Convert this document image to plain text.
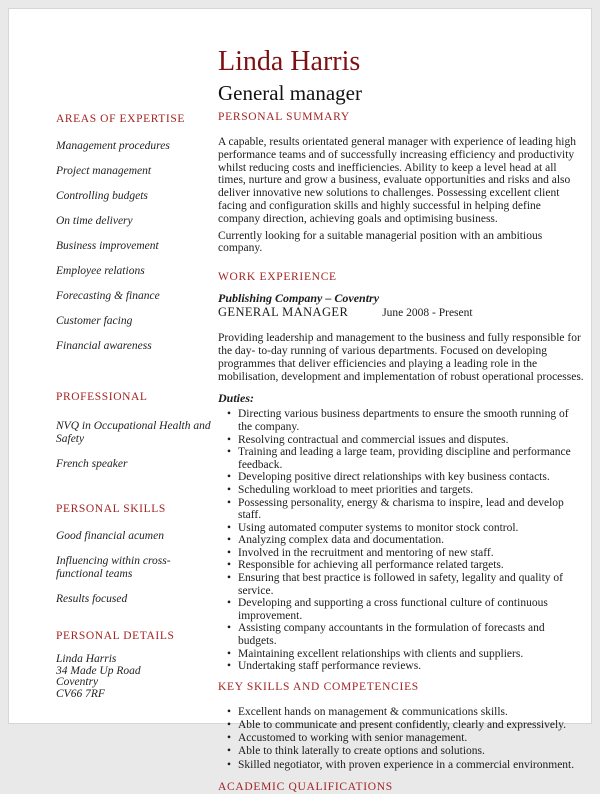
AREAS OF EXPERTISE
Management procedures
Project management
Controlling budgets
On time delivery
Business improvement
Employee relations
Forecasting & finance
Customer facing
Financial awareness
PROFESSIONAL
NVQ in Occupational Health and Safety
French speaker
PERSONAL SKILLS
Good financial acumen
Influencing within cross-functional teams
Results focused
PERSONAL DETAILS
Linda Harris
34 Made Up Road
Coventry
CV66 7RF
Linda Harris
General manager
PERSONAL SUMMARY

A capable, results orientated general manager with experience of leading high performance teams and of successfully increasing efficiency and productivity whilst reducing costs and inefficiencies. Ability to keep a level head at all times, nurture and grow a business, evaluate opportunities and risks and also deliver innovative new solutions to challenges. Possessing excellent client facing and configuration skills and highly successful in helping define company direction, achieving goals and optimising business.

Currently looking for a suitable managerial position with an ambitious company.

WORK EXPERIENCE
Publishing Company – Coventry
GENERAL MANAGER	June 2008 - Present

Providing leadership and management to the business and fully responsible for the day- to-day running of various departments. Focused on developing programmes that deliver efficiencies and playing a leading role in the mobilisation, development and implementation of robust operational processes.

Duties:
• Directing various business departments to ensure the smooth running of the company.
• Resolving contractual and commercial issues and disputes.
• Training and leading a large team, providing discipline and performance feedback.
• Developing positive direct relationships with key business contacts.
• Scheduling workload to meet priorities and targets.
• Possessing personality, energy & charisma to inspire, lead and develop staff.
• Using automated computer systems to monitor stock control.
• Analyzing complex data and documentation.
• Involved in the recruitment and mentoring of new staff.
• Responsible for achieving all performance related targets.
• Ensuring that best practice is followed in safety, legality and quality of service.
• Developing and supporting a cross functional culture of continuous improvement.
• Assisting company accountants in the formulation of forecasts and budgets.
• Maintaining excellent relationships with clients and suppliers.
• Undertaking staff performance reviews.
KEY SKILLS AND COMPETENCIES
• Excellent hands on management & communications skills.
• Able to communicate and present confidently, clearly and expressively.
• Accustomed to working with senior management.
• Able to think laterally to create options and solutions.
• Skilled negotiator, with proven experience in a commercial environment.
ACADEMIC QUALIFICATIONS
